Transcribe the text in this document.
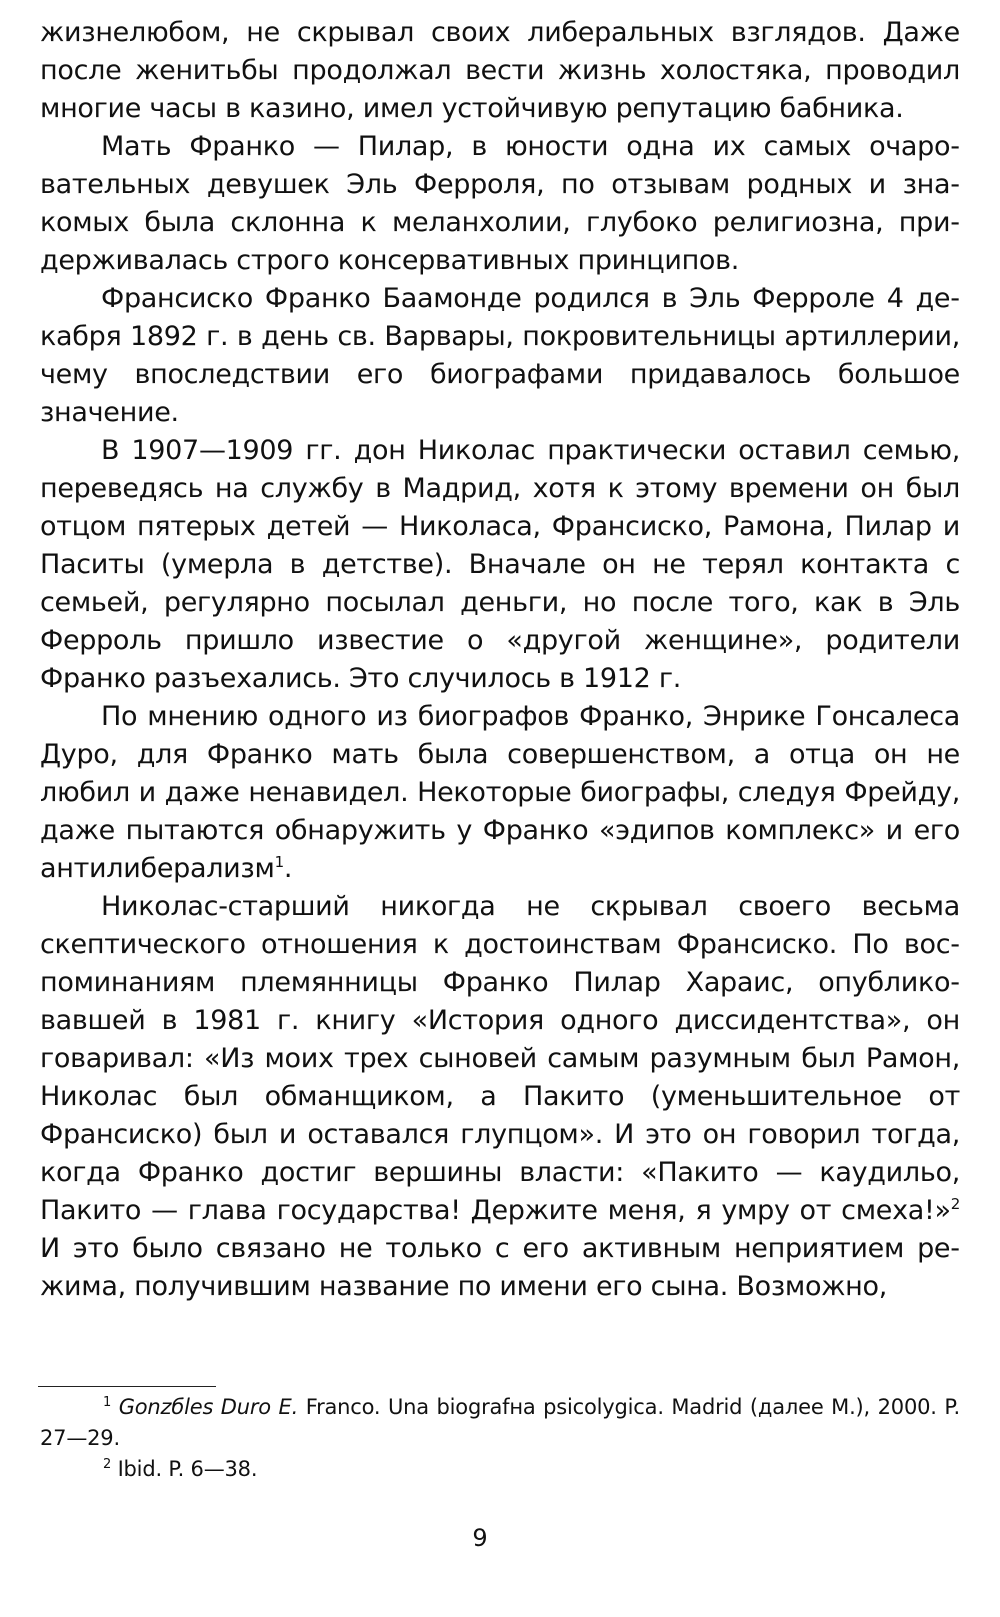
жизнелюбом, не скрывал своих либеральных взглядов. Даже после женитьбы продолжал вести жизнь холостяка, проводил многие часы в казино, имел устойчивую репутацию бабника.

Мать Франко — Пилар, в юности одна их самых очаровательных девушек Эль Ферроля, по отзывам родных и знакомых была склонна к меланхолии, глубоко религиозна, придерживалась строго консервативных принципов.

Франсиско Франко Баамонде родился в Эль Ферроле 4 декабря 1892 г. в день св. Варвары, покровительницы артиллерии, чему впоследствии его биографами придавалось большое значение.

В 1907—1909 гг. дон Николас практически оставил семью, переведясь на службу в Мадрид, хотя к этому времени он был отцом пятерых детей — Николаса, Франсиско, Рамона, Пилар и Паситы (умерла в детстве). Вначале он не терял контакта с семьей, регулярно посылал деньги, но после того, как в Эль Ферроль пришло известие о «другой женщине», родители Франко разъехались. Это случилось в 1912 г.

По мнению одного из биографов Франко, Энрике Гонсалеса Дуро, для Франко мать была совершенством, а отца он не любил и даже ненавидел. Некоторые биографы, следуя Фрейду, даже пытаются обнаружить у Франко «эдипов комплекс» и его антилиберализм$^1$.

Николас-старший никогда не скрывал своего весьма скептического отношения к достоинствам Франсиско. По воспоминаниям племянницы Франко Пилар Хараис, опубликовавшей в 1981 г. книгу «История одного диссидентства», он говаривал: «Из моих трех сыновей самым разумным был Рамон, Николас был обманщиком, а Пакито (уменьшительное от Франсиско) был и оставался глупцом». И это он говорил тогда, когда Франко достиг вершины власти: «Пакито — каудильо, Пакито — глава государства! Держите меня, я умру от смеха!»$^2$ И это было связано не только с его активным неприятием режима, получившим название по имени его сына. Возможно,

$^1$ Gonzбles Duro E. Franco. Una biografнa psicolуgica. Madrid (далее M.), 2000. P. 27—29.

$^2$ Ibid. P. 6—38.

9
